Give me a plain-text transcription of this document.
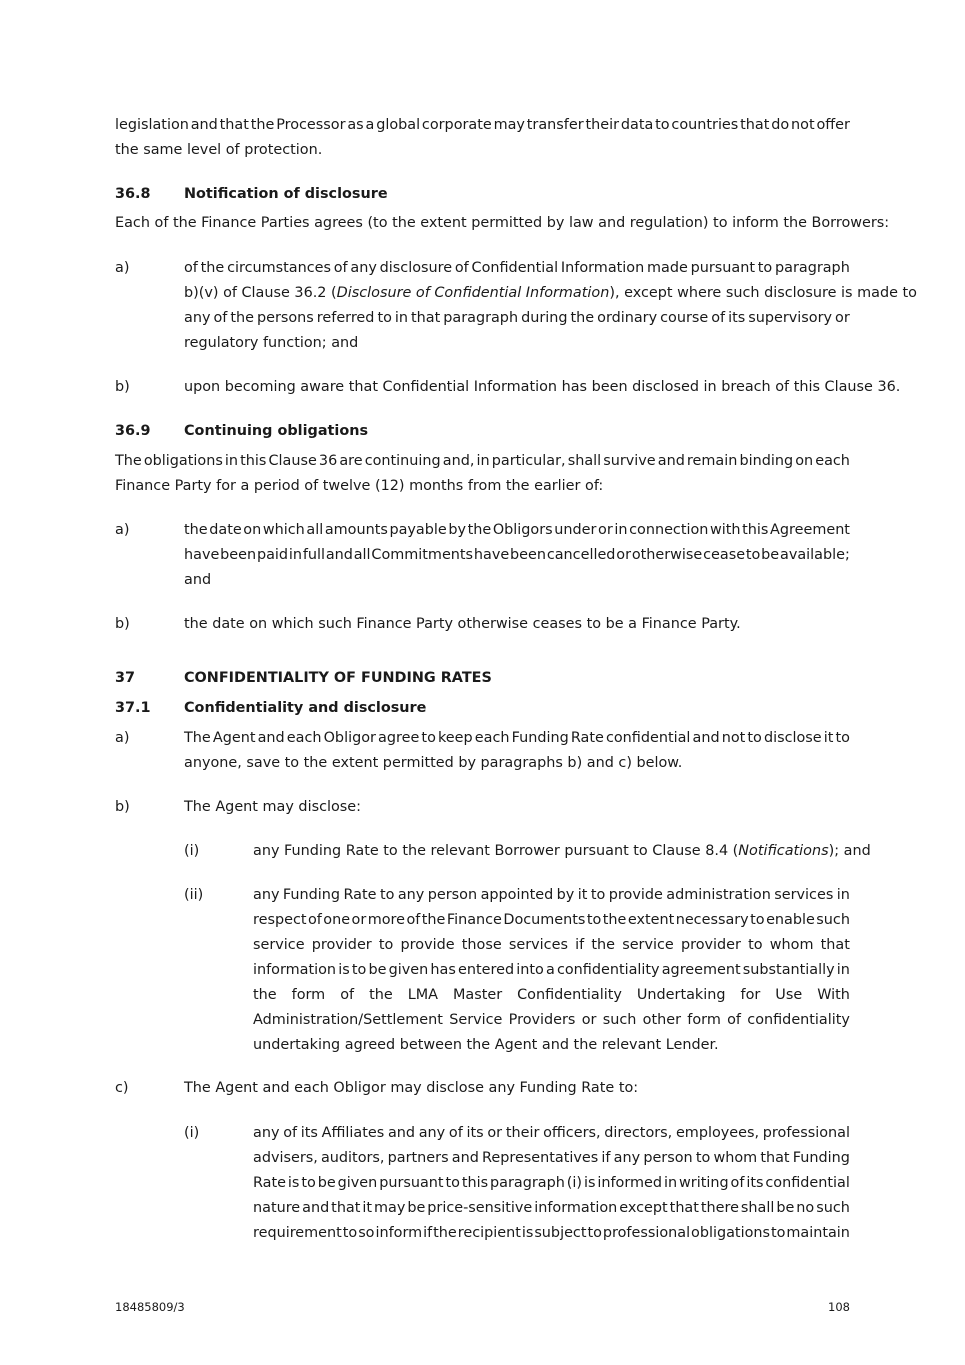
legislation and that the Processor as a global corporate may transfer their data to countries that do not offer
the same level of protection.
36.8 Notification of disclosure
Each of the Finance Parties agrees (to the extent permitted by law and regulation) to inform the Borrowers:
a)	of the circumstances of any disclosure of Confidential Information made pursuant to paragraph
b)(v) of Clause 36.2 (Disclosure of Confidential Information), except where such disclosure is made to
any of the persons referred to in that paragraph during the ordinary course of its supervisory or
regulatory function; and
b)	upon becoming aware that Confidential Information has been disclosed in breach of this Clause 36.
36.9 Continuing obligations
The obligations in this Clause 36 are continuing and, in particular, shall survive and remain binding on each
Finance Party for a period of twelve (12) months from the earlier of:
a)	the date on which all amounts payable by the Obligors under or in connection with this Agreement
have been paid in full and all Commitments have been cancelled or otherwise cease to be available;
and
b)	the date on which such Finance Party otherwise ceases to be a Finance Party.
37	CONFIDENTIALITY OF FUNDING RATES
37.1 Confidentiality and disclosure
a)	The Agent and each Obligor agree to keep each Funding Rate confidential and not to disclose it to
anyone, save to the extent permitted by paragraphs b) and c) below.
b)	The Agent may disclose:
(i)	any Funding Rate to the relevant Borrower pursuant to Clause 8.4 (Notifications); and
(ii)	any Funding Rate to any person appointed by it to provide administration services in
respect of one or more of the Finance Documents to the extent necessary to enable such
service provider to provide those services if the service provider to whom that
information is to be given has entered into a confidentiality agreement substantially in
the form of the LMA Master Confidentiality Undertaking for Use With
Administration/Settlement Service Providers or such other form of confidentiality
undertaking agreed between the Agent and the relevant Lender.
c)	The Agent and each Obligor may disclose any Funding Rate to:
(i)	any of its Affiliates and any of its or their officers, directors, employees, professional
advisers, auditors, partners and Representatives if any person to whom that Funding
Rate is to be given pursuant to this paragraph (i) is informed in writing of its confidential
nature and that it may be price-sensitive information except that there shall be no such
requirement to so inform if the recipient is subject to professional obligations to maintain
18485809/3	108
